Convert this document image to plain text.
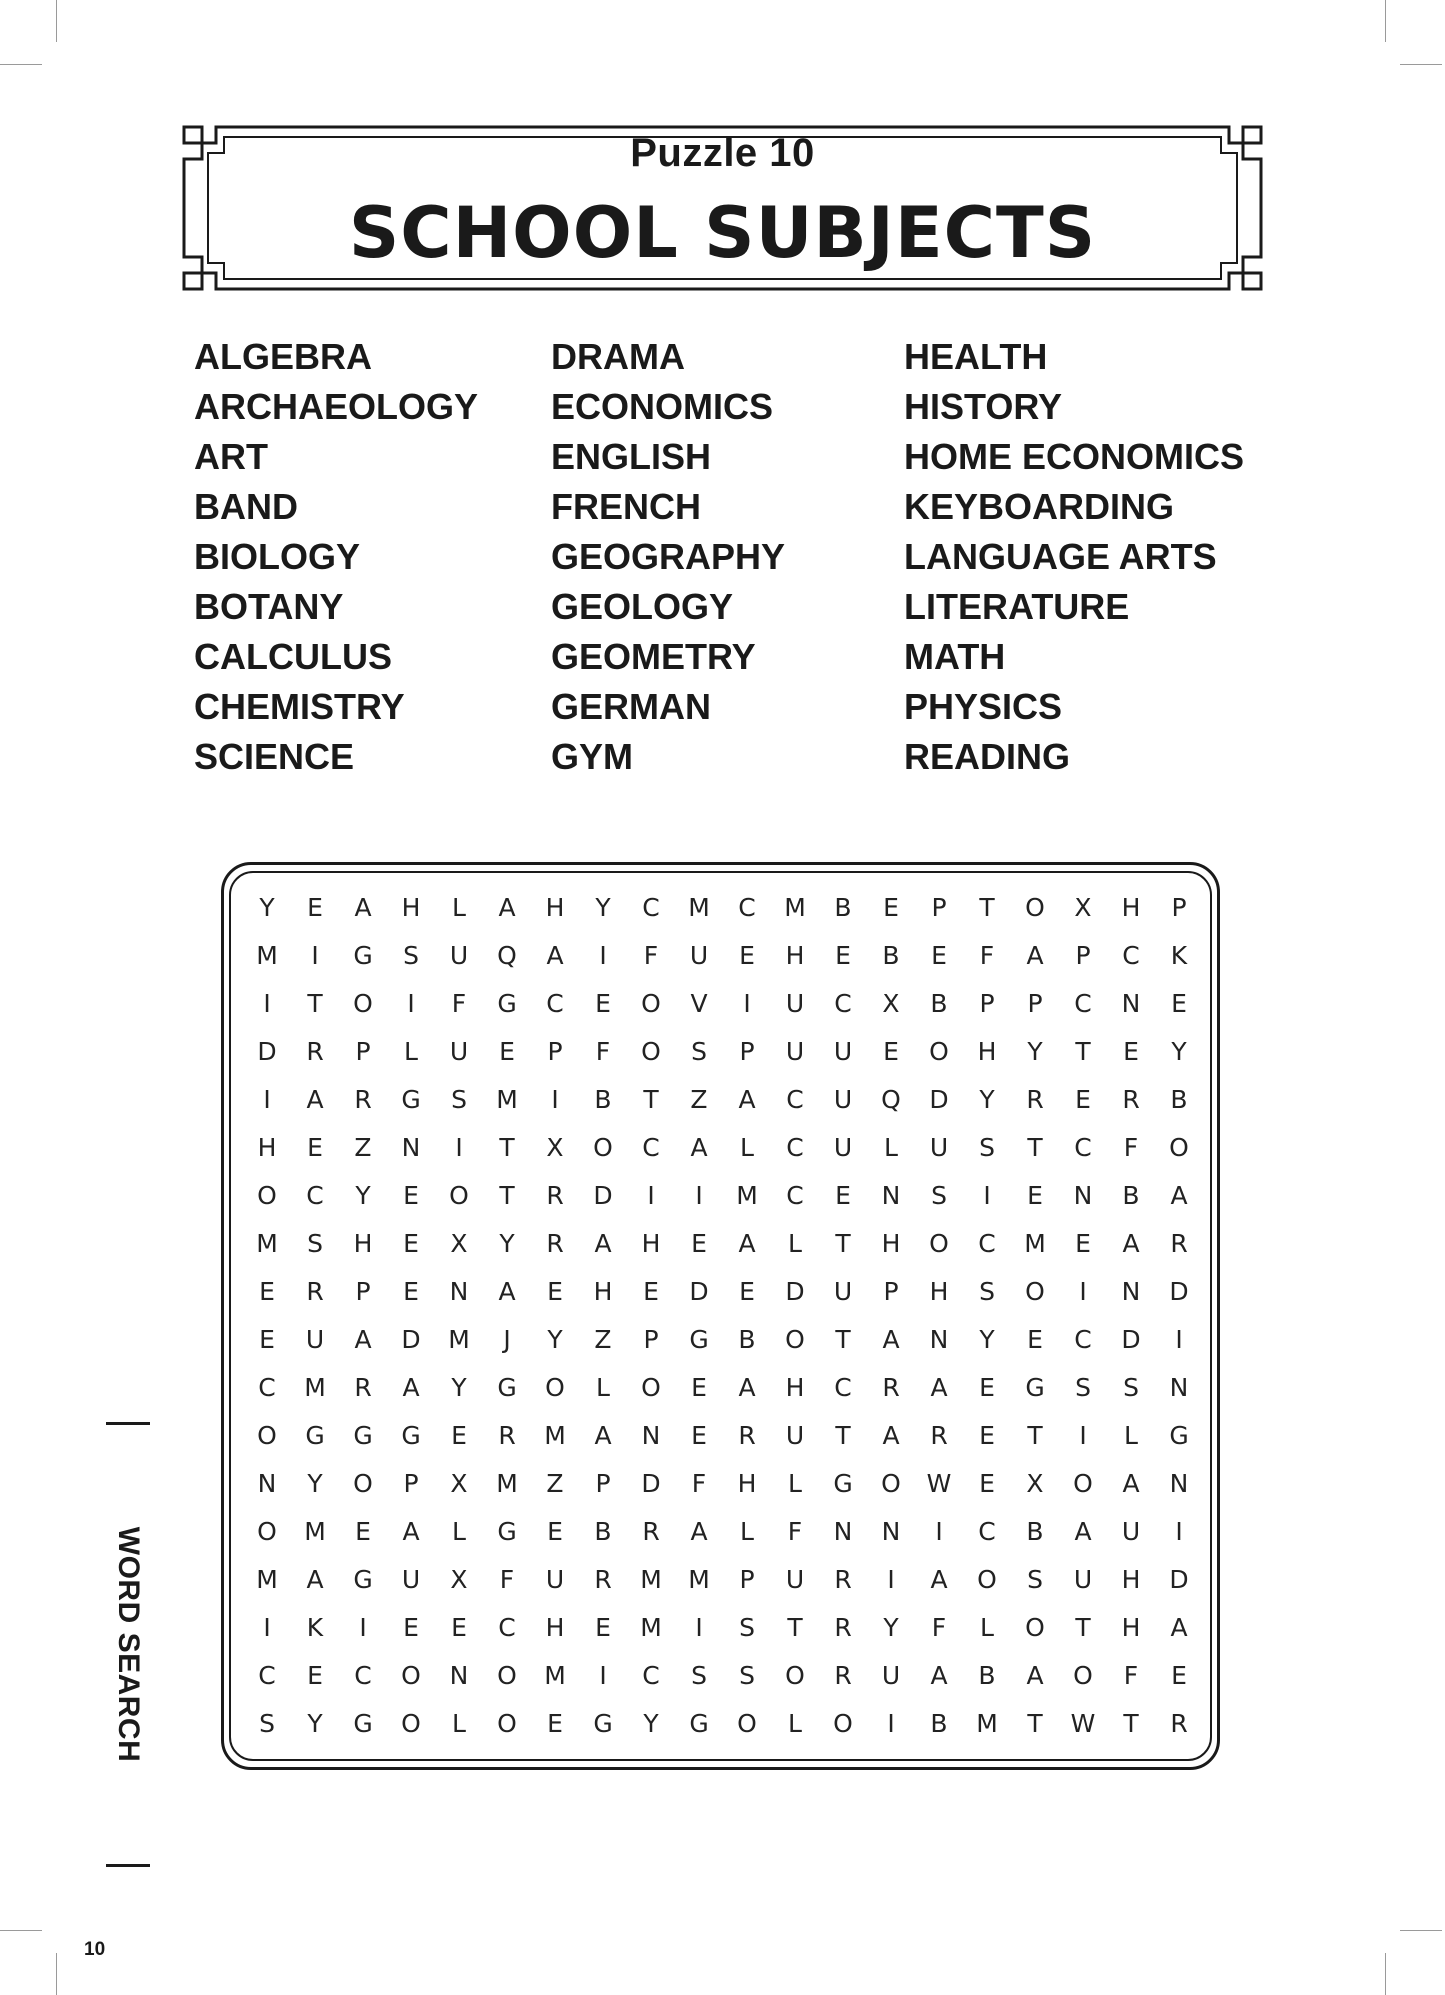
Puzzle 10
SCHOOL SUBJECTS
ALGEBRA
ARCHAEOLOGY
ART
BAND
BIOLOGY
BOTANY
CALCULUS
CHEMISTRY
SCIENCE
DRAMA
ECONOMICS
ENGLISH
FRENCH
GEOGRAPHY
GEOLOGY
GEOMETRY
GERMAN
GYM
HEALTH
HISTORY
HOME ECONOMICS
KEYBOARDING
LANGUAGE ARTS
LITERATURE
MATH
PHYSICS
READING
Y	E	A	H	L	A	H	Y	C	M	C	M	B	E	P	T	O	X	H	P
M	I	G	S	U	Q	A	I	F	U	E	H	E	B	E	F	A	P	C	K
I	T	O	I	F	G	C	E	O	V	I	U	C	X	B	P	P	C	N	E
D	R	P	L	U	E	P	F	O	S	P	U	U	E	O	H	Y	T	E	Y
I	A	R	G	S	M	I	B	T	Z	A	C	U	Q	D	Y	R	E	R	B
H	E	Z	N	I	T	X	O	C	A	L	C	U	L	U	S	T	C	F	O
O	C	Y	E	O	T	R	D	I	I	M	C	E	N	S	I	E	N	B	A
M	S	H	E	X	Y	R	A	H	E	A	L	T	H	O	C	M	E	A	R
E	R	P	E	N	A	E	H	E	D	E	D	U	P	H	S	O	I	N	D
E	U	A	D	M	J	Y	Z	P	G	B	O	T	A	N	Y	E	C	D	I
C	M	R	A	Y	G	O	L	O	E	A	H	C	R	A	E	G	S	S	N
O	G	G	G	E	R	M	A	N	E	R	U	T	A	R	E	T	I	L	G
N	Y	O	P	X	M	Z	P	D	F	H	L	G	O	W	E	X	O	A	N
O	M	E	A	L	G	E	B	R	A	L	F	N	N	I	C	B	A	U	I
M	A	G	U	X	F	U	R	M	M	P	U	R	I	A	O	S	U	H	D
I	K	I	E	E	C	H	E	M	I	S	T	R	Y	F	L	O	T	H	A
C	E	C	O	N	O	M	I	C	S	S	O	R	U	A	B	A	O	F	E
S	Y	G	O	L	O	E	G	Y	G	O	L	O	I	B	M	T	W	T	R
WORD SEARCH
10
